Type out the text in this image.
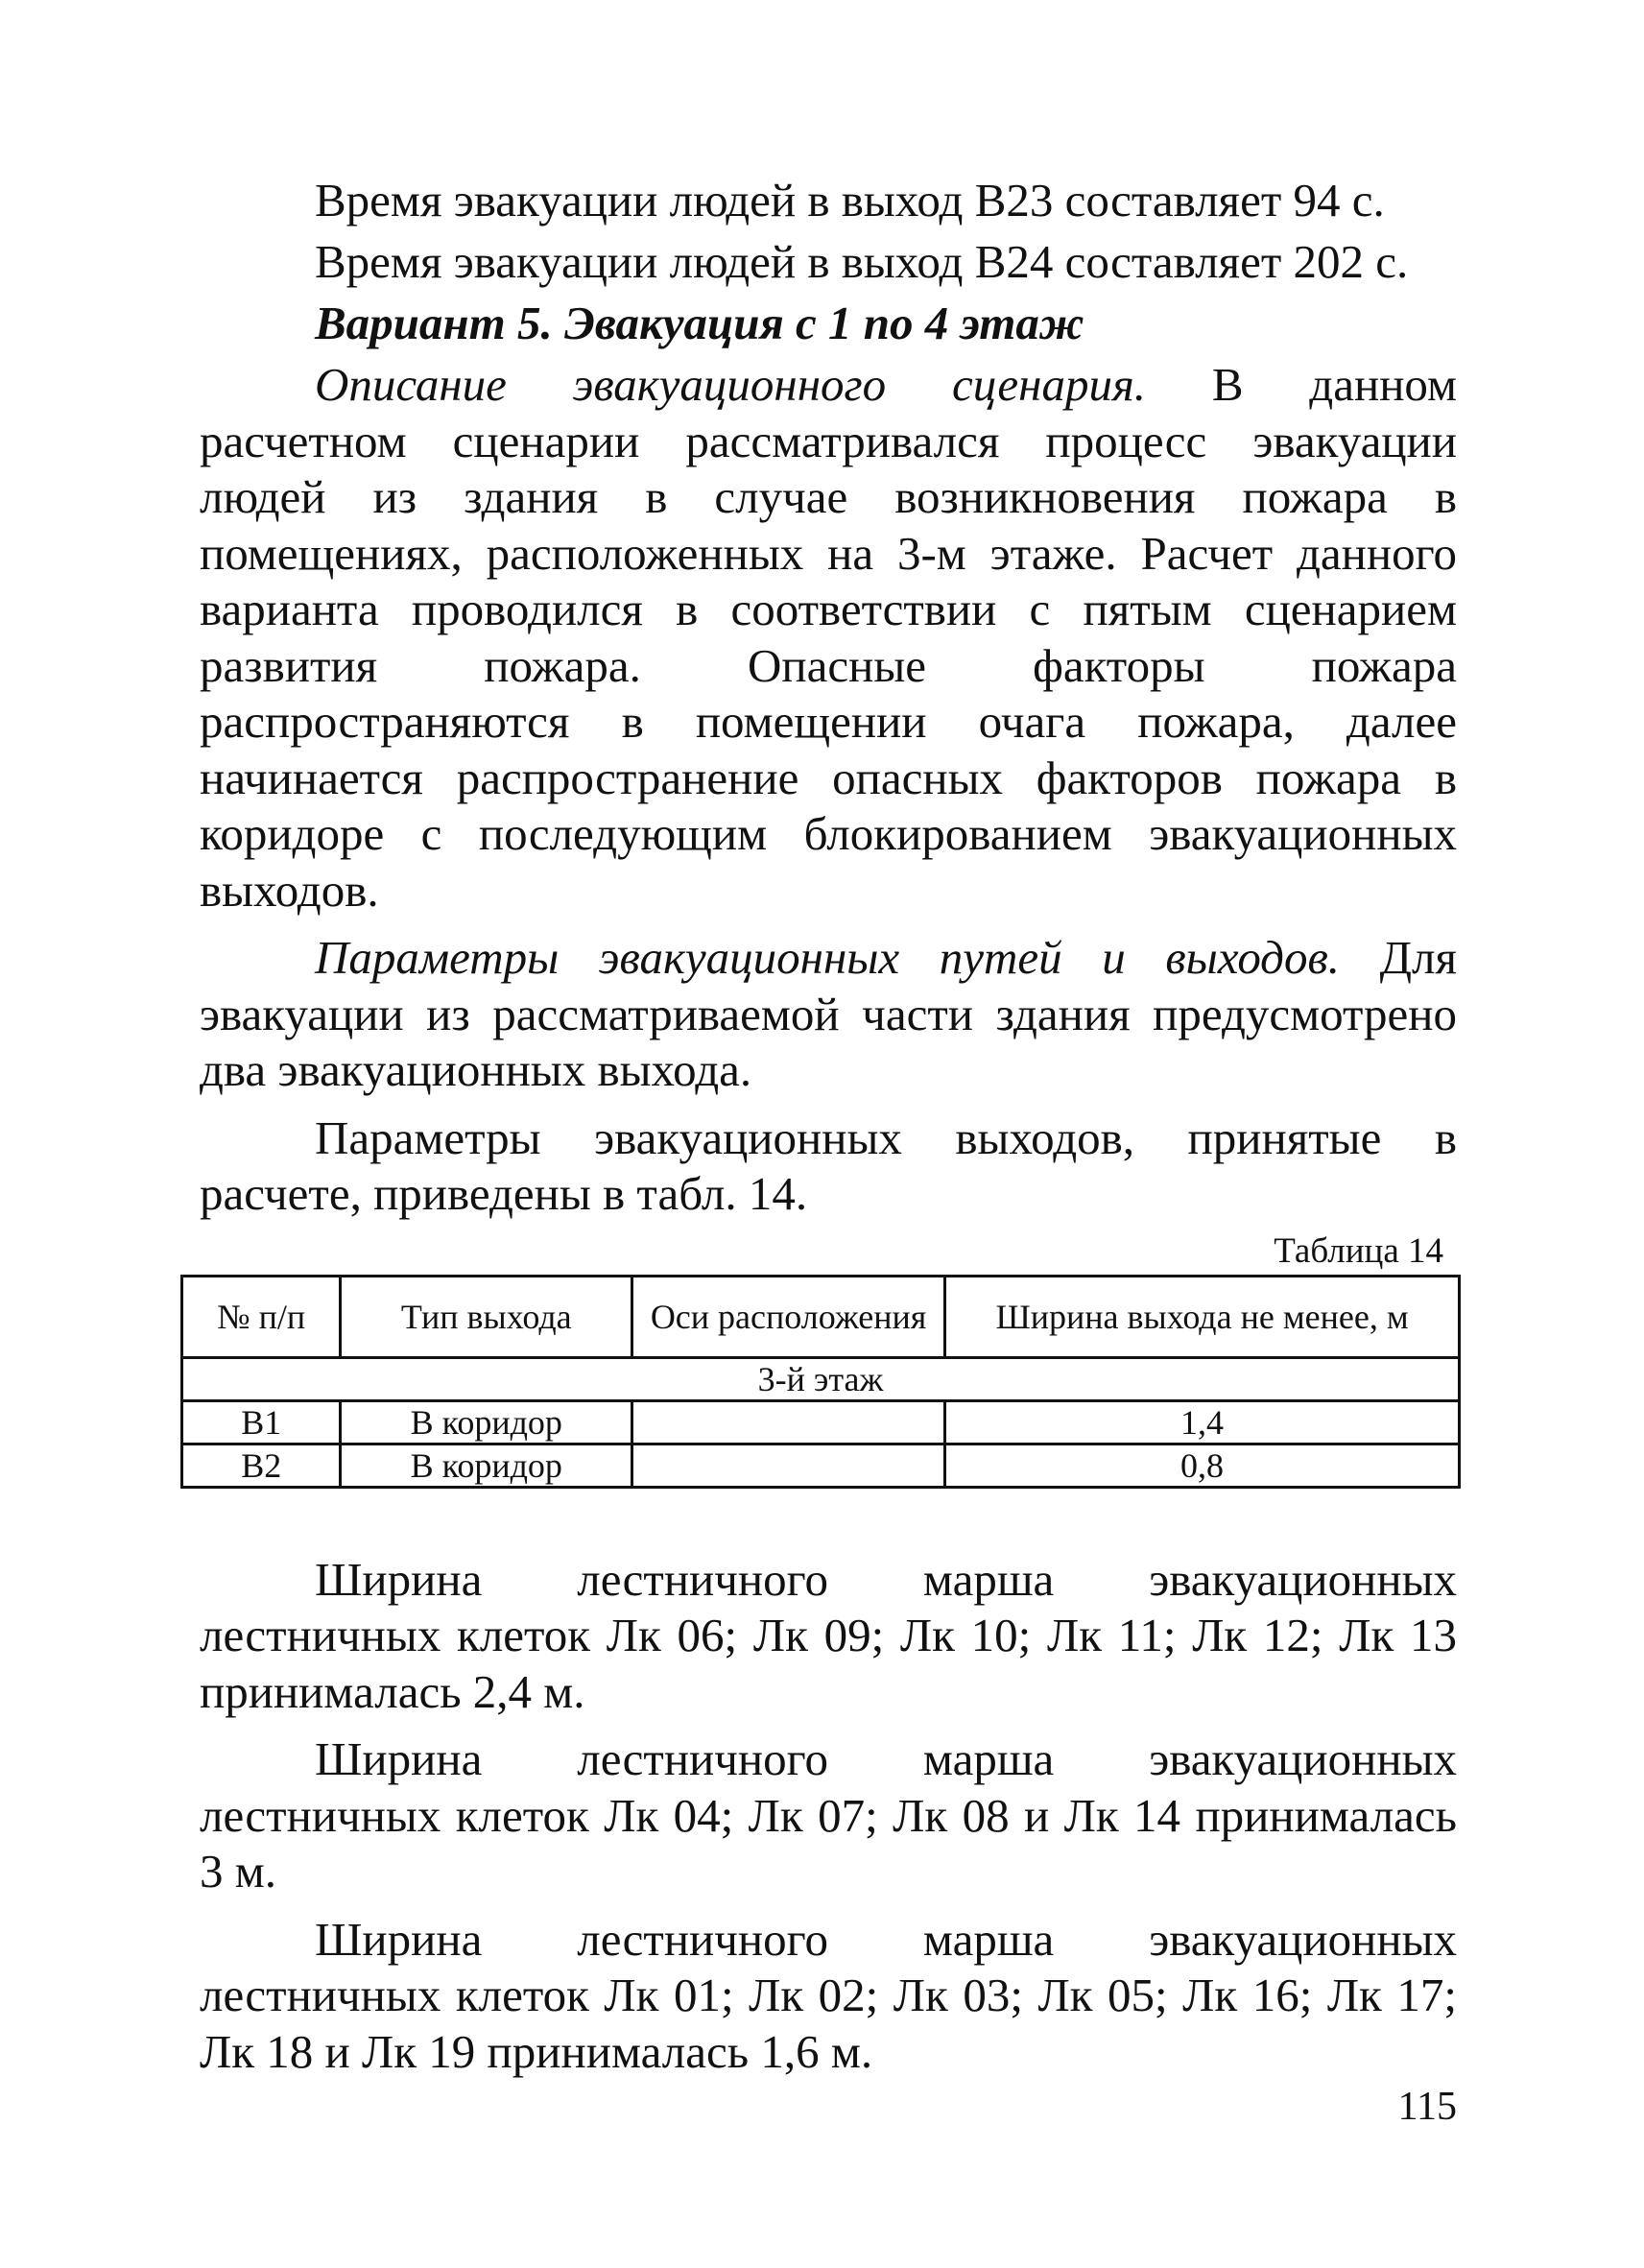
Время эвакуации людей в выход В23 составляет 94 с.

Время эвакуации людей в выход В24 составляет 202 с.

Вариант 5. Эвакуация с 1 по 4 этаж

Описание эвакуационного сценария. В данном расчетном сценарии рассматривался процесс эвакуации людей из здания в случае возникновения пожара в помещениях, расположенных на 3-м этаже. Расчет данного варианта проводился в соответствии с пятым сценарием развития пожара. Опасные факторы пожара распространяются в помещении очага пожара, далее начинается распространение опасных факторов пожара в коридоре с последующим блокированием эвакуационных выходов.

Параметры эвакуационных путей и выходов. Для эвакуации из рассматриваемой части здания предусмотрено два эвакуационных выхода.

Параметры эвакуационных выходов, принятые в расчете, приведены в табл. 14.

Таблица 14
№ п/п	Тип выхода	Оси расположения	Ширина выхода не менее, м
3-й этаж			
В1	В коридор		1,4
В2	В коридор		0,8

Ширина лестничного марша эвакуационных лестничных клеток Лк 06; Лк 09; Лк 10; Лк 11; Лк 12; Лк 13 принималась 2,4 м.

Ширина лестничного марша эвакуационных лестничных клеток Лк 04; Лк 07; Лк 08 и Лк 14 принималась 3 м.

Ширина лестничного марша эвакуационных лестничных клеток Лк 01; Лк 02; Лк 03; Лк 05; Лк 16; Лк 17; Лк 18 и Лк 19 принималась 1,6 м.

115
